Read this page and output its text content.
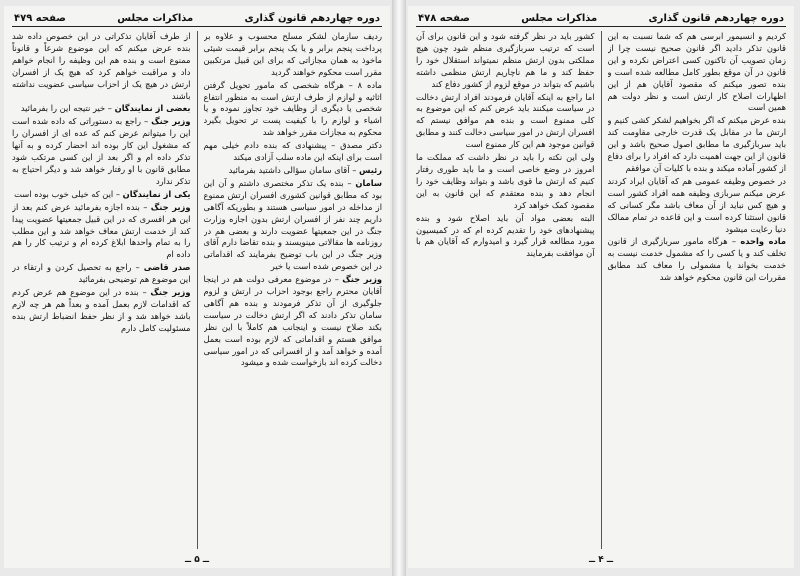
دوره چهاردهم قانون گذاری
مذاکرات مجلس
صفحه ۴۷۹

ردیف سازمان لشکر مسلح محسوب و علاوه بر پرداخت پنجم برابر و یا یک پنجم برابر قیمت شیئی ماخوذ به همان مجازاتی که برای این قبیل مرتکبین مقرر است محکوم خواهند گردید

ماده ۸ – هرگاه شخصی که مامور تحویل گرفتن اثاثیه و لوازم از طرف ارتش است به منظور انتفاع شخصی یا دیگری از وظایف خود تجاوز نموده و یا اشیاء و لوازم را با کیفیت پست تر تحویل بگیرد محکوم به مجازات مقرر خواهد شد

دکتر مصدق – پیشنهادی که بنده دادم خیلی مهم است برای اینکه این ماده سلب آزادی میکند

رئیس – آقای سامان سؤالی داشتید بفرمائید

سامان – بنده یک تذکر مختصری داشتم و آن این بود که مطابق قوانین کشوری افسران ارتش ممنوع از مداخله در امور سیاسی هستند و بطوریکه آگاهی داریم چند نفر از افسران ارتش بدون اجازه وزارت جنگ در این جمعیتها عضویت دارند و بعضی هم در روزنامه ها مقالاتی مینویسند و بنده تقاضا دارم آقای وزیر جنگ در این باب توضیح بفرمایند که اقداماتی در این خصوص شده است یا خیر

وزیر جنگ – در موضوع معرفی دولت هم در اینجا آقایان محترم راجع بوجود احزاب در ارتش و لزوم جلوگیری از آن تذکر فرمودند و بنده هم آگاهی سامان تذکر دادند که اگر ارتش دخالت در سیاست بکند صلاح نیست و اینجانب هم کاملاً با این نظر موافق هستم و اقداماتی که لازم بوده است بعمل آمده و خواهد آمد و از افسرانی که در امور سیاسی دخالت کرده اند بازخواست شده و میشود

از طرف آقایان تذکراتی در این خصوص داده شد بنده عرض میکنم که این موضوع شرعاً و قانوناً ممنوع است و بنده هم این وظیفه را انجام خواهم داد و مراقبت خواهم کرد که هیچ یک از افسران ارتش در هیچ یک از احزاب سیاسی عضویت نداشته باشند

بعضی از نمایندگان – خیر نتیجه این را بفرمائید

وزیر جنگ – راجع به دستوراتی که داده شده است این را میتوانم عرض کنم که عده ای از افسران را که مشغول این کار بوده اند احضار کرده و به آنها تذکر داده ام و اگر بعد از این کسی مرتکب شود مطابق قانون با او رفتار خواهد شد و دیگر احتیاج به تذکر ندارد

یکی از نمایندگان – این که خیلی خوب بوده است

وزیر جنگ – بنده اجازه بفرمائید عرض کنم بعد از این هر افسری که در این قبیل جمعیتها عضویت پیدا کند از خدمت ارتش معاف خواهد شد و این مطلب را به تمام واحدها ابلاغ کرده ام و ترتیب کار را هم داده ام

صدر قاضی – راجع به تحصیل کردن و ارتقاء در این موضوع هم توضیحی بفرمائید

وزیر جنگ – بنده در این موضوع هم عرض کردم که اقدامات لازم بعمل آمده و بعداً هم هر چه لازم باشد خواهد شد و از نظر حفظ انضباط ارتش بنده مسئولیت کامل دارم

ــ ۵ ــ
دوره چهاردهم قانون گذاری
مذاکرات مجلس
صفحه ۴۷۸

کردیم و انسیمور ابرسی هم که شما نسبت به این قانون تذکر دادید اگر قانون صحیح نیست چرا از زمان تصویب آن تاکنون کسی اعتراض نکرده و این قانون در آن موقع بطور کامل مطالعه شده است و بنده تصور میکنم که مقصود آقایان هم از این اظهارات اصلاح کار ارتش است و نظر دولت هم همین است

بنده عرض میکنم که اگر بخواهیم لشکر کشی کنیم و ارتش ما در مقابل یک قدرت خارجی مقاومت کند باید سربازگیری ما مطابق اصول صحیح باشد و این قانون از این جهت اهمیت دارد که افراد را برای دفاع از کشور آماده میکند و بنده با کلیات آن موافقم

در خصوص وظیفه عمومی هم که آقایان ایراد کردند عرض میکنم سربازی وظیفه همه افراد کشور است و هیچ کس نباید از آن معاف باشد مگر کسانی که قانون استثنا کرده است و این قاعده در تمام ممالک دنیا رعایت میشود

ماده واحده – هرگاه مامور سربازگیری از قانون تخلف کند و یا کسی را که مشمول خدمت نیست به خدمت بخواند یا مشمولی را معاف کند مطابق مقررات این قانون محکوم خواهد شد

کشور باید در نظر گرفته شود و این قانون برای آن است که ترتیب سربازگیری منظم شود چون هیچ مملکتی بدون ارتش منظم نمیتواند استقلال خود را حفظ کند و ما هم ناچاریم ارتش منظمی داشته باشیم که بتواند در موقع لزوم از کشور دفاع کند

اما راجع به اینکه آقایان فرمودند افراد ارتش دخالت در سیاست میکنند باید عرض کنم که این موضوع به کلی ممنوع است و بنده هم موافق نیستم که افسران ارتش در امور سیاسی دخالت کنند و مطابق قوانین موجود هم این کار ممنوع است

ولی این نکته را باید در نظر داشت که مملکت ما امروز در وضع خاصی است و ما باید طوری رفتار کنیم که ارتش ما قوی باشد و بتواند وظایف خود را انجام دهد و بنده معتقدم که این قانون به این مقصود کمک خواهد کرد

البته بعضی مواد آن باید اصلاح شود و بنده پیشنهادهای خود را تقدیم کرده ام که در کمیسیون مورد مطالعه قرار گیرد و امیدوارم که آقایان هم با آن موافقت بفرمایند

ــ ۴ ــ
